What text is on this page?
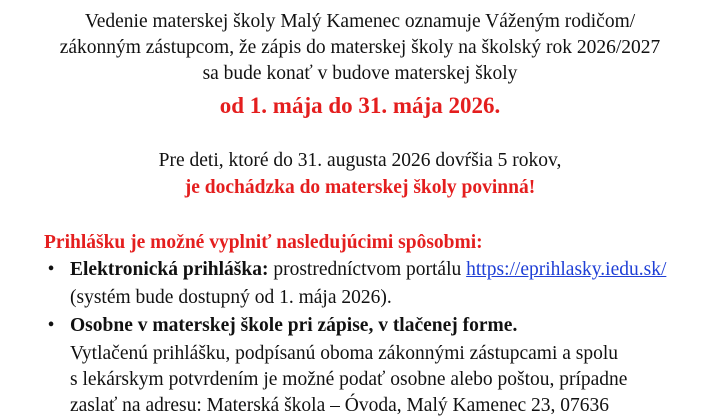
Vedenie materskej školy Malý Kamenec oznamuje Váženým rodičom/
zákonným zástupcom, že zápis do materskej školy na školský rok 2026/2027
sa bude konať v budove materskej školy
od 1. mája do 31. mája 2026.
Pre deti, ktoré do 31. augusta 2026 dovŕšia 5 rokov,
je dochádzka do materskej školy povinná!
Prihlášku je možné vyplniť nasledujúcimi spôsobmi:
• Elektronická prihláška: prostredníctvom portálu https://eprihlasky.iedu.sk/
(systém bude dostupný od 1. mája 2026).
• Osobne v materskej škole pri zápise, v tlačenej forme.
Vytlačenú prihlášku, podpísanú oboma zákonnými zástupcami a spolu
s lekárskym potvrdením je možné podať osobne alebo poštou, prípadne
zaslať na adresu: Materská škola – Óvoda, Malý Kamenec 23, 07636
